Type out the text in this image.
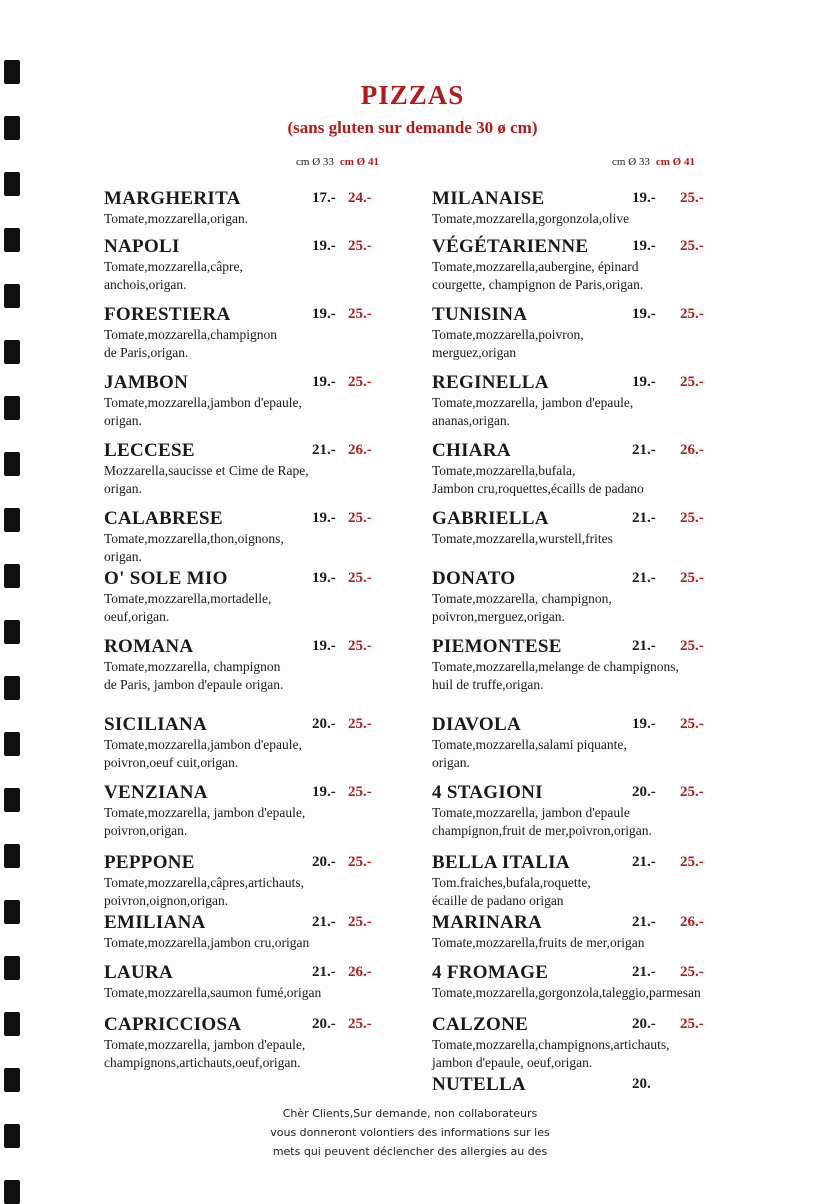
PIZZAS
(sans gluten sur demande 30 ø cm)
cm Ø 33 cm Ø 41	cm Ø 33 cm Ø 41
MARGHERITA	17.- 24.-
Tomate,mozzarella,origan.
NAPOLI	19.- 25.-
Tomate,mozzarella,câpre,
anchois,origan.
FORESTIERA	19.- 25.-
Tomate,mozzarella,champignon
de Paris,origan.
JAMBON	19.- 25.-
Tomate,mozzarella,jambon d'epaule,
origan.
LECCESE	21.- 26.-
Mozzarella,saucisse et Cime de Rape,
origan.
CALABRESE	19.- 25.-
Tomate,mozzarella,thon,oignons,
origan.
O' SOLE MIO	19.- 25.-
Tomate,mozzarella,mortadelle,
oeuf,origan.
ROMANA	19.- 25.-
Tomate,mozzarella, champignon
de Paris, jambon d'epaule origan.
SICILIANA	20.- 25.-
Tomate,mozzarella,jambon d'epaule,
poivron,oeuf cuit,origan.
VENZIANA	19.- 25.-
Tomate,mozzarella, jambon d'epaule,
poivron,origan.
PEPPONE	20.- 25.-
Tomate,mozzarella,câpres,artichauts,
poivron,oignon,origan.
EMILIANA	21.- 25.-
Tomate,mozzarella,jambon cru,origan
LAURA	21.- 26.-
Tomate,mozzarella,saumon fumé,origan
CAPRICCIOSA	20.- 25.-
Tomate,mozzarella, jambon d'epaule,
champignons,artichauts,oeuf,origan.
MILANAISE	19.- 25.-
Tomate,mozzarella,gorgonzola,olive
VÉGÉTARIENNE	19.- 25.-
Tomate,mozzarella,aubergine, épinard
courgette, champignon de Paris,origan.
TUNISINA	19.- 25.-
Tomate,mozzarella,poivron,
merguez,origan
REGINELLA	19.- 25.-
Tomate,mozzarella, jambon d'epaule,
ananas,origan.
CHIARA	21.- 26.-
Tomate,mozzarella,bufala,
Jambon cru,roquettes,écaills de padano
GABRIELLA	21.- 25.-
Tomate,mozzarella,wurstell,frites
DONATO	21.- 25.-
Tomate,mozzarella, champignon,
poivron,merguez,origan.
PIEMONTESE	21.- 25.-
Tomate,mozzarella,melange de champignons,
huil de truffe,origan.
DIAVOLA	19.- 25.-
Tomate,mozzarella,salami piquante,
origan.
4 STAGIONI	20.- 25.-
Tomate,mozzarella, jambon d'epaule
champignon,fruit de mer,poivron,origan.
BELLA ITALIA	21.- 25.-
Tom.fraiches,bufala,roquette,
écaille de padano origan
MARINARA	21.- 26.-
Tomate,mozzarella,fruits de mer,origan
4 FROMAGE	21.- 25.-
Tomate,mozzarella,gorgonzola,taleggio,parmesan
CALZONE	20.- 25.-
Tomate,mozzarella,champignons,artichauts,
jambon d'epaule, oeuf,origan.
NUTELLA	20.
Chèr Clients,Sur demande, non collaborateurs
vous donneront volontiers des informations sur les
mets qui peuvent déclencher des allergies au des
